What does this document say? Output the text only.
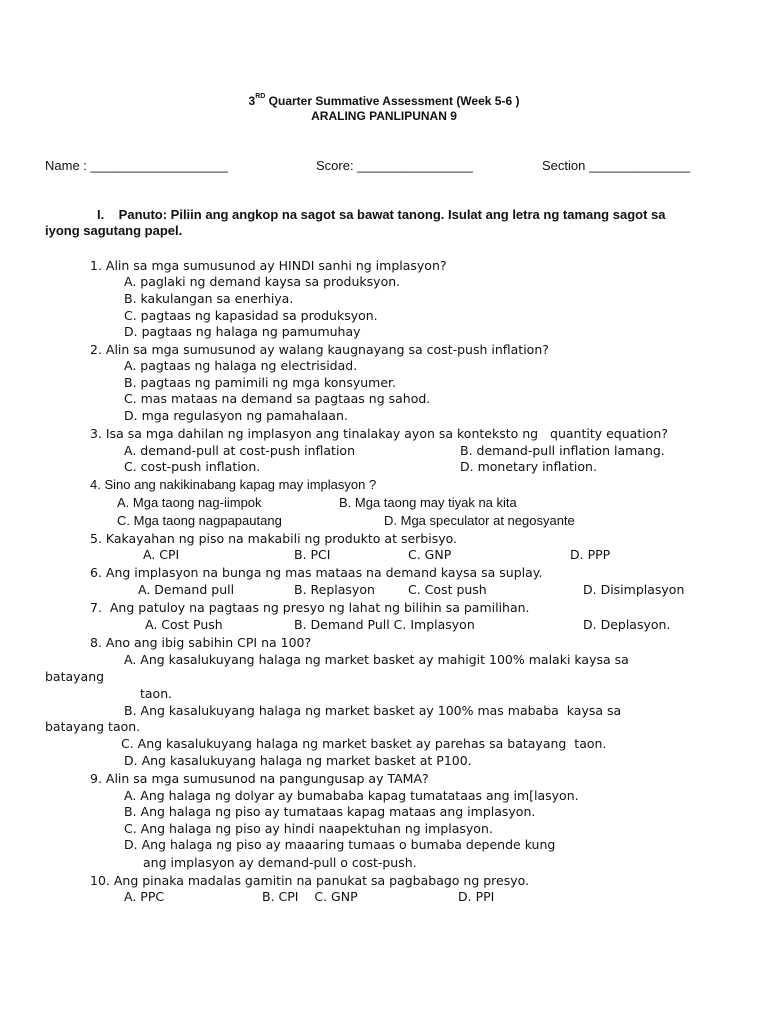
3RD Quarter Summative Assessment (Week 5-6 )
ARALING PANLIPUNAN 9
Name : ___________________	Score: ________________	Section ______________
I.    Panuto: Piliin ang angkop na sagot sa bawat tanong. Isulat ang letra ng tamang sagot sa
iyong sagutang papel.
1. Alin sa mga sumusunod ay HINDI sanhi ng implasyon?
A. paglaki ng demand kaysa sa produksyon.
B. kakulangan sa enerhiya.
C. pagtaas ng kapasidad sa produksyon.
D. pagtaas ng halaga ng pamumuhay
2. Alin sa mga sumusunod ay walang kaugnayang sa cost-push inflation?
A. pagtaas ng halaga ng electrisidad.
B. pagtaas ng pamimili ng mga konsyumer.
C. mas mataas na demand sa pagtaas ng sahod.
D. mga regulasyon ng pamahalaan.
3. Isa sa mga dahilan ng implasyon ang tinalakay ayon sa konteksto ng   quantity equation?
A. demand-pull at cost-push inflation	B. demand-pull inflation lamang.
C. cost-push inflation.	D. monetary inflation.
4. Sino ang nakikinabang kapag may implasyon ?
A. Mga taong nag-iimpok	B. Mga taong may tiyak na kita
C. Mga taong nagpapautang	D. Mga speculator at negosyante
5. Kakayahan ng piso na makabili ng produkto at serbisyo.
A. CPI	B. PCI	C. GNP	D. PPP
6. Ang implasyon na bunga ng mas mataas na demand kaysa sa suplay.
A. Demand pull	B. Replasyon	C. Cost push	D. Disimplasyon
7.  Ang patuloy na pagtaas ng presyo ng lahat ng bilihin sa pamilihan.
A. Cost Push	B. Demand Pull C. Implasyon	D. Deplasyon.
8. Ano ang ibig sabihin CPI na 100?
A. Ang kasalukuyang halaga ng market basket ay mahigit 100% malaki kaysa sa
batayang
taon.
B. Ang kasalukuyang halaga ng market basket ay 100% mas mababa  kaysa sa
batayang taon.
C. Ang kasalukuyang halaga ng market basket ay parehas sa batayang  taon.
D. Ang kasalukuyang halaga ng market basket at P100.
9. Alin sa mga sumusunod na pangungusap ay TAMA?
A. Ang halaga ng dolyar ay bumababa kapag tumatataas ang im[lasyon.
B. Ang halaga ng piso ay tumataas kapag mataas ang implasyon.
C. Ang halaga ng piso ay hindi naapektuhan ng implasyon.
D. Ang halaga ng piso ay maaaring tumaas o bumaba depende kung
ang implasyon ay demand-pull o cost-push.
10. Ang pinaka madalas gamitin na panukat sa pagbabago ng presyo.
A. PPC	B. CPI    C. GNP	D. PPI
